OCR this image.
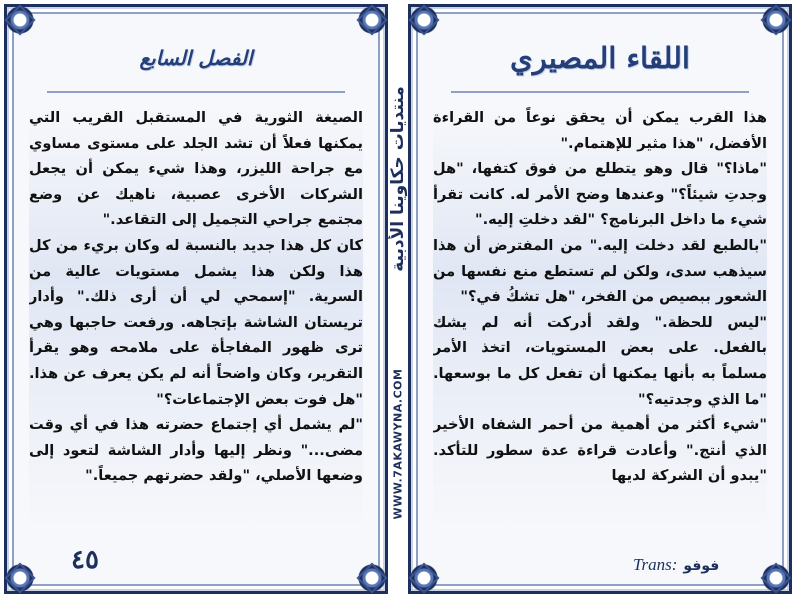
الفصل السابع

الصيغة الثورية في المستقبل القريب التي يمكنها فعلاً أن تشد الجلد على مستوى مساوي مع جراحة الليزر، وهذا شيء يمكن أن يجعل الشركات الأخرى عصبية، ناهيك عن وضع مجتمع جراحي التجميل إلى التقاعد."

كان كل هذا جديد بالنسبة له وكان بريء من كل هذا ولكن هذا يشمل مستويات عالية من السرية. "إسمحي لي أن أرى ذلك." وأدار تريستان الشاشة بإتجاهه. ورفعت حاجبها وهي ترى ظهور المفاجأة على ملامحه وهو يقرأ التقرير، وكان واضحاً أنه لم يكن يعرف عن هذا. "هل فوت بعض الإجتماعات؟"

"لم يشمل أي إجتماع حضرته هذا في أي وقت مضى..." ونظر إليها وأدار الشاشة لتعود إلى وضعها الأصلي، "ولقد حضرتهم جميعاً."

٤٥
منتديات حكاوينا الأدبية
WWW.7AKAWYNA.COM
اللقاء المصيري

هذا القرب يمكن أن يحقق نوعاً من القراءة الأفضل، "هذا مثير للإهتمام."

"ماذا؟" قال وهو يتطلع من فوق كتفها، "هل وجدتِ شيئاً؟" وعندها وضح الأمر له. كانت تقرأ شيء ما داخل البرنامج؟ "لقد دخلتِ إليه."

"بالطبع لقد دخلت إليه." من المفترض أن هذا سيذهب سدى، ولكن لم تستطع منع نفسها من الشعور ببصيص من الفخر، "هل تشكُ في؟"

"ليس للحظة." ولقد أدركت أنه لم يشك بالفعل. على بعض المستويات، اتخذ الأمر مسلماً به بأنها يمكنها أن تفعل كل ما بوسعها. "ما الذي وجدتيه؟"

"شيء أكثر من أهمية من أحمر الشفاه الأخير الذي أنتج." وأعادت قراءة عدة سطور للتأكد. "يبدو أن الشركة لديها

Trans: فوفو
